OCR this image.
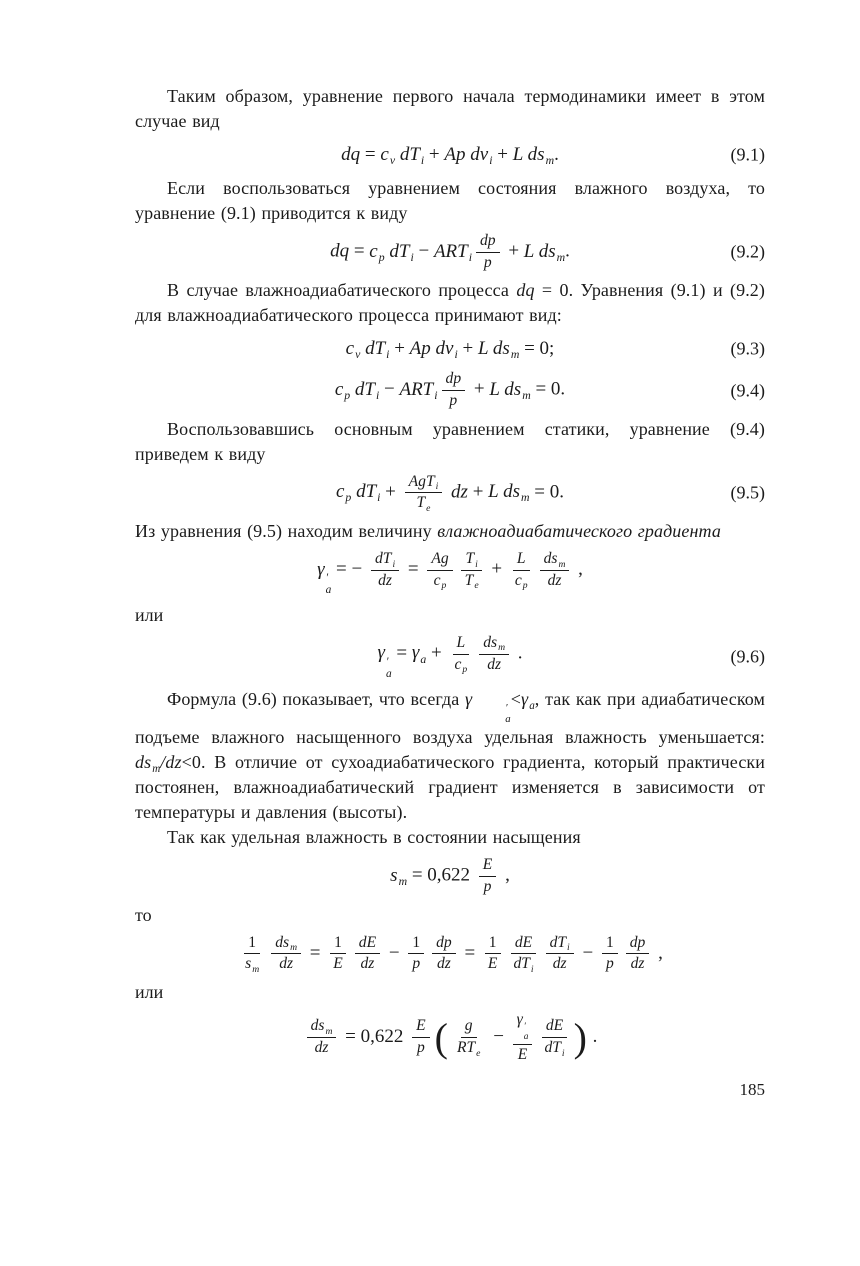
Таким образом, уравнение первого начала термодинамики имеет в этом случае вид

dq = $c_v$ $dT_i + Ap$ $dv_i + L$ $ds_m$.	(9.1)

Если воспользоваться уравнением состояния влажного воздуха, то уравнение (9.1) приводится к виду

dq = $c_p$ $dT_i - ART_i \frac{dp}{p} + L$ $ds_m$.	(9.2)

В случае влажноадиабатического процесса dq = 0. Уравнения (9.1) и (9.2) для влажноадиабатического процесса принимают вид:

$c_v$ $dT_i + Ap$ $dv_i + L$ $ds_m = 0$;	(9.3)
$c_p$ $dT_i - ART_i \frac{dp}{p} + L$ $ds_m = 0$.	(9.4)

Воспользовавшись основным уравнением статики, уравнение (9.4) приведем к виду

$c_p$ $dT_i + \frac{AgT_i}{T_e}$ dz + L $ds_m = 0$.	(9.5)

Из уравнения (9.5) находим величину влажноадиабатического градиента

γ ′
a
= − $\frac{dT_i}{dz} = \frac{Ag}{c_p} \frac{T_i}{T_e} + \frac{L}{c_p} \frac{ds_m}{dz}$ ,
или
γ ′
a
= $\gamma_a + \frac{L}{c_p} \frac{ds_m}{dz}$ .	(9.6)

Формула (9.6) показывает, что всегда γ	′
а
$<\gamma_а$, так как при адиабатическом подъеме влажного насыщенного воздуха удельная влажность уменьшается: $ds_m/dz<0$. В отличие от сухоадиабатического градиента, который практически постоянен, влажноадиабатический градиент изменяется в зависимости от температуры и давления (высоты).

Так как удельная влажность в состоянии насыщения

$s_m = 0,622 \frac{E}{p}$ ,
то
$\frac{1}{s_m} \frac{ds_m}{dz} = \frac{1}{E} \frac{dE}{dz} - \frac{1}{p} \frac{dp}{dz} = \frac{1}{E} \frac{dE}{dT_i} \frac{dT_i}{dz} - \frac{1}{p} \frac{dp}{dz}$ ,
или
$\frac{ds_m}{dz} = 0,622 \frac{E}{p}$ ( $\frac{g}{RT_e} - \gamma$ ′
a
E $\frac{dE}{dT_i}$ ) .
185
